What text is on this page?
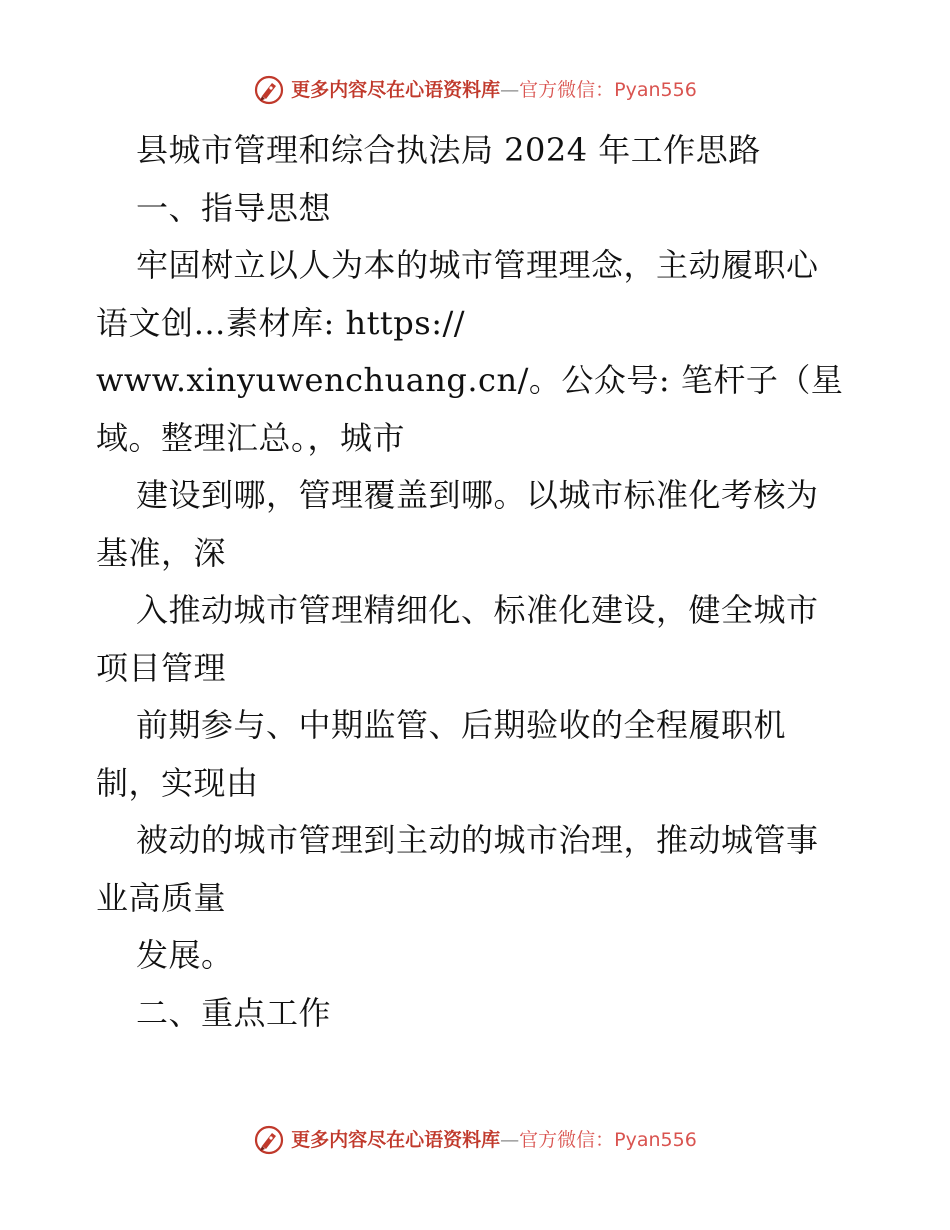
更多内容尽在心语资料库 — 官方微信：Pyan556
县城市管理和综合执法局 2024 年工作思路
一、指导思想
牢固树立以人为本的城市管理理念，主动履职心
语文创…素材库: https://
www.xinyuwenchuang.cn/。公众号: 笔杆子（星
域。整理汇总。，城市
建设到哪，管理覆盖到哪。以城市标准化考核为
基准，深
入推动城市管理精细化、标准化建设，健全城市
项目管理
前期参与、中期监管、后期验收的全程履职机
制，实现由
被动的城市管理到主动的城市治理，推动城管事
业高质量
发展。
二、重点工作
更多内容尽在心语资料库 — 官方微信：Pyan556
